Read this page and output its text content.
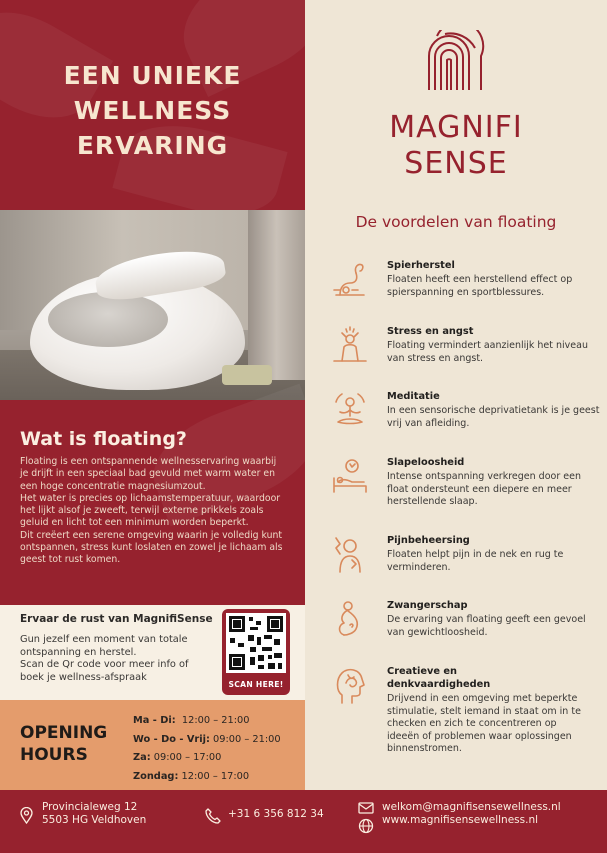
EEN UNIEKE
WELLNESS
ERVARING
Wat is floating?

Floating is een ontspannende wellnesservaring waarbij je drijft in een speciaal bad gevuld met warm water en een hoge concentratie magnesiumzout.
Het water is precies op lichaamstemperatuur, waardoor het lijkt alsof je zweeft, terwijl externe prikkels zoals geluid en licht tot een minimum worden beperkt.
Dit creëert een serene omgeving waarin je volledig kunt ontspannen, stress kunt loslaten en zowel je lichaam als geest tot rust komen.

Ervaar de rust van MagnifiSense

Gun jezelf een moment van totale ontspanning en herstel.
Scan de Qr code voor meer info of boek je wellness-afspraak

SCAN HERE!
OPENING
HOURS
Ma - Di: 12:00 – 21:00
Wo - Do - Vrij: 09:00 – 21:00
Za: 09:00 – 17:00
Zondag: 12:00 – 17:00
MAGNIFI
SENSE
De voordelen van floating
Spierherstel

Floaten heeft een herstellend effect op spierspanning en sportblessures.

Stress en angst

Floating vermindert aanzienlijk het niveau van stress en angst.

Meditatie

In een sensorische deprivatietank is je geest vrij van afleiding.

Slapeloosheid

Intense ontspanning verkregen door een float ondersteunt een diepere en meer herstellende slaap.

Pijnbeheersing

Floaten helpt pijn in de nek en rug te verminderen.

Zwangerschap

De ervaring van floating geeft een gevoel van gewichtloosheid.

Creatieve en denkvaardigheden

Drijvend in een omgeving met beperkte stimulatie, stelt iemand in staat om in te checken en zich te concentreren op ideeën of problemen waar oplossingen binnenstromen.

Provincialeweg 12
5503 HG Veldhoven	+31 6 356 812 34
welkom@magnifisensewellness.nl
www.magnifisensewellness.nl
